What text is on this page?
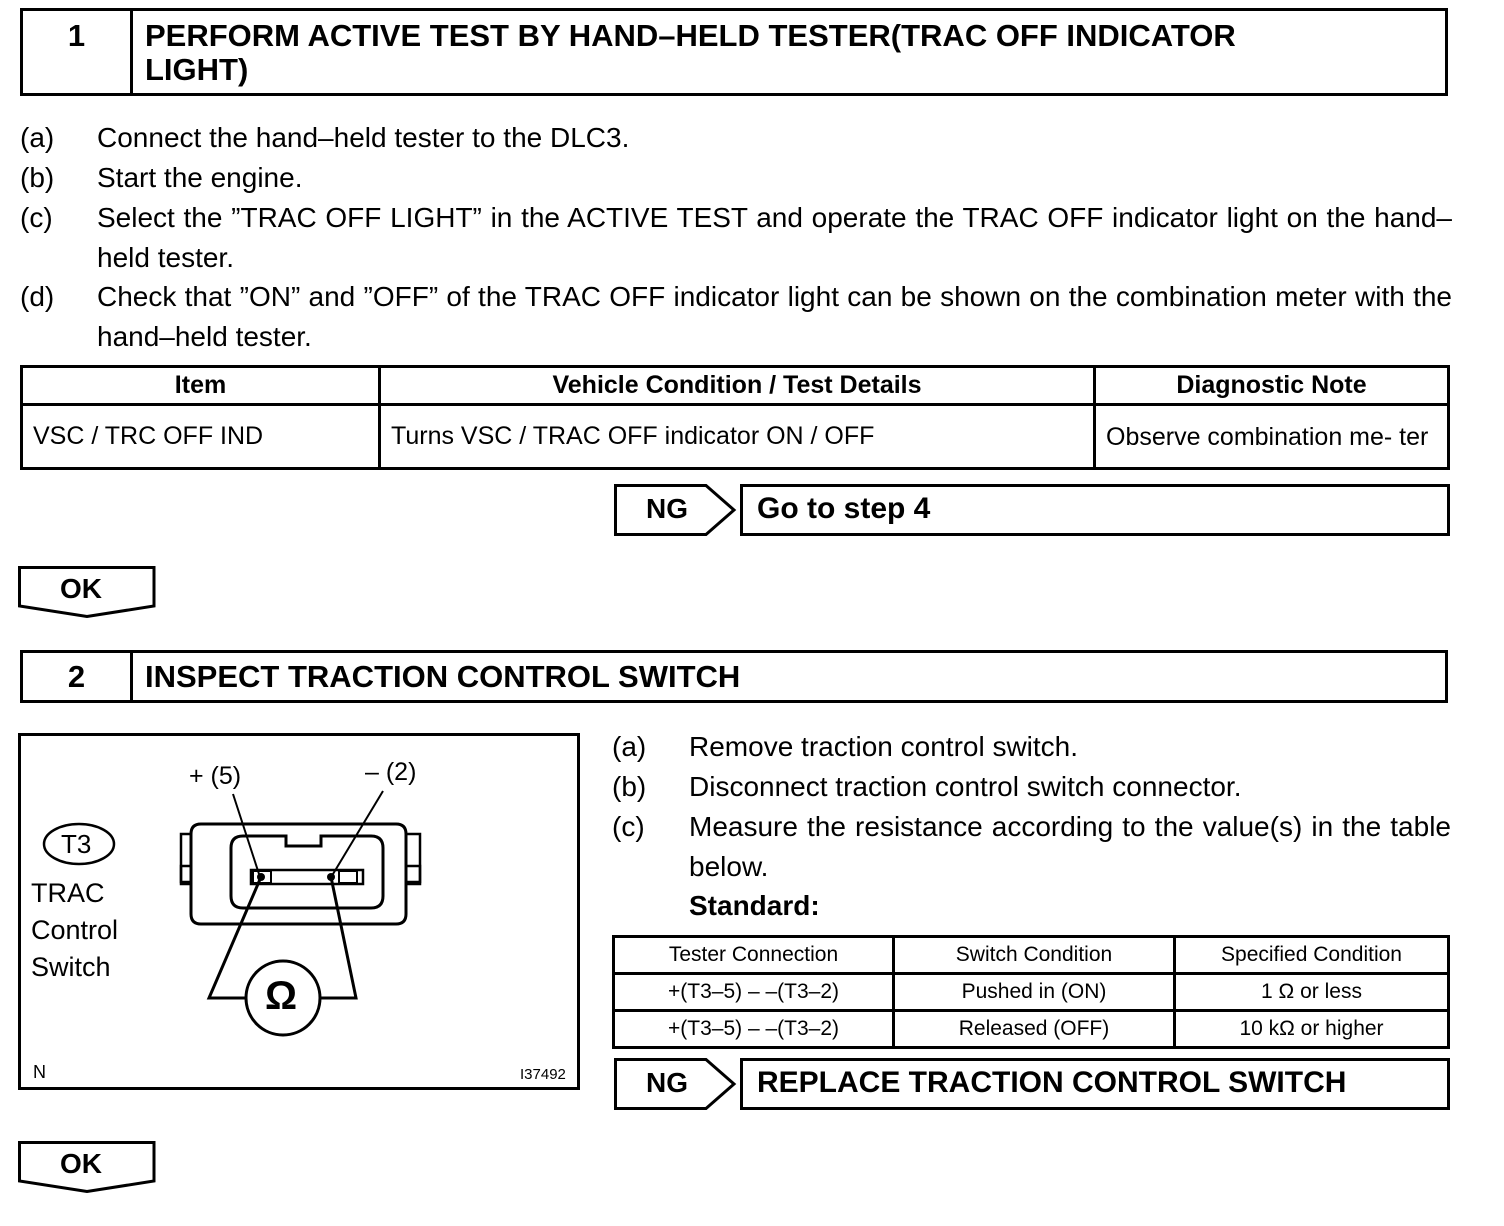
1	PERFORM ACTIVE TEST BY HAND–HELD TESTER(TRAC OFF INDICATOR LIGHT)
(a) Connect the hand–held tester to the DLC3.
(b) Start the engine.
(c) Select the ”TRAC OFF LIGHT” in the ACTIVE TEST and operate the TRAC OFF indicator light on the hand–held tester.
(d) Check that ”ON” and ”OFF” of the TRAC OFF indicator light can be shown on the combination meter with the hand–held tester.
Item	Vehicle Condition / Test Details	Diagnostic Note
VSC / TRC OFF IND	Turns VSC / TRAC OFF indicator ON / OFF	Observe combination me- ter
NG	Go to step 4
OK
2	INSPECT TRACTION CONTROL SWITCH
T3
TRAC
Control
Switch
+ (5)	– (2)
Ω
N	I37492
(a) Remove traction control switch.
(b) Disconnect traction control switch connector.
(c) Measure the resistance according to the value(s) in the table below.
Standard:
Tester Connection	Switch Condition	Specified Condition
+(T3–5) – –(T3–2)	Pushed in (ON)	1 Ω or less
+(T3–5) – –(T3–2)	Released (OFF)	10 kΩ or higher
NG	REPLACE TRACTION CONTROL SWITCH
OK
